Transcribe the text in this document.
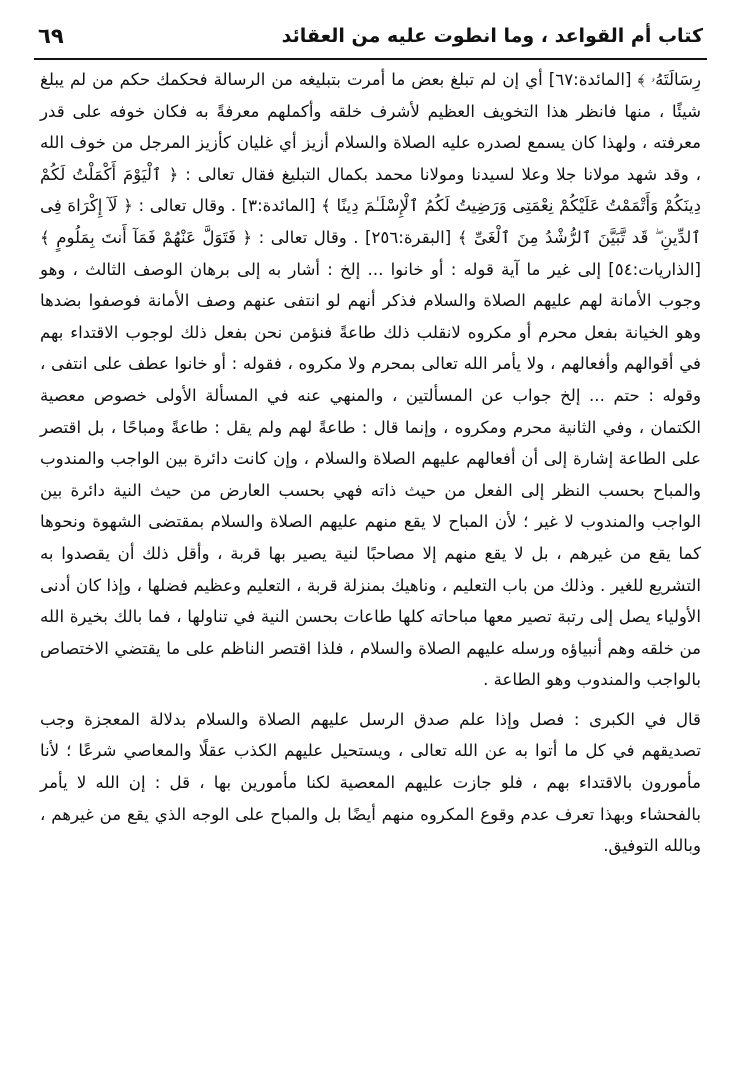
كتاب أم القواعد ، وما انطوت عليه من العقائد
٦٩

رِسَالَتَهُۥ ﴾ [المائدة:٦٧] أي إن لم تبلغ بعض ما أمرت بتبليغه من الرسالة فحكمك حكم من لم يبلغ شيئًا ، منها فانظر هذا التخويف العظيم لأشرف خلقه وأكملهم معرفةً به فكان خوفه على قدر معرفته ، ولهذا كان يسمع لصدره عليه الصلاة والسلام أزيز أي غليان كأزيز المرجل من خوف الله ، وقد شهد مولانا جلا وعلا لسيدنا ومولانا محمد بكمال التبليغ فقال تعالى : ﴿ ٱلْيَوْمَ أَكْمَلْتُ لَكُمْ دِينَكُمْ وَأَتْمَمْتُ عَلَيْكُمْ نِعْمَتِى وَرَضِيتُ لَكُمُ ٱلْإِسْلَـٰمَ دِينًا ﴾ [المائدة:٣] . وقال تعالى : ﴿ لَآ إِكْرَاهَ فِى ٱلدِّينِ ۖ قَد تَّبَيَّنَ ٱلرُّشْدُ مِنَ ٱلْغَىِّ ﴾ [البقرة:٢٥٦] . وقال تعالى : ﴿ فَتَوَلَّ عَنْهُمْ فَمَآ أَنتَ بِمَلُومٍ ﴾ [الذاريات:٥٤] إلى غير ما آية قوله : أو خانوا ... إلخ : أشار به إلى برهان الوصف الثالث ، وهو وجوب الأمانة لهم عليهم الصلاة والسلام فذكر أنهم لو انتفى عنهم وصف الأمانة فوصفوا بضدها وهو الخيانة بفعل محرم أو مكروه لانقلب ذلك طاعةً فنؤمن نحن بفعل ذلك لوجوب الاقتداء بهم في أقوالهم وأفعالهم ، ولا يأمر الله تعالى بمحرم ولا مكروه ، فقوله : أو خانوا عطف على انتفى ، وقوله : حتم ... إلخ جواب عن المسألتين ، والمنهي عنه في المسألة الأولى خصوص معصية الكتمان ، وفي الثانية محرم ومكروه ، وإنما قال : طاعةً لهم ولم يقل : طاعةً ومباحًا ، بل اقتصر على الطاعة إشارة إلى أن أفعالهم عليهم الصلاة والسلام ، وإن كانت دائرة بين الواجب والمندوب والمباح بحسب النظر إلى الفعل من حيث ذاته فهي بحسب العارض من حيث النية دائرة بين الواجب والمندوب لا غير ؛ لأن المباح لا يقع منهم عليهم الصلاة والسلام بمقتضى الشهوة ونحوها كما يقع من غيرهم ، بل لا يقع منهم إلا مصاحبًا لنية يصير بها قربة ، وأقل ذلك أن يقصدوا به التشريع للغير . وذلك من باب التعليم ، وناهيك بمنزلة قربة ، التعليم وعظيم فضلها ، وإذا كان أدنى الأولياء يصل إلى رتبة تصير معها مباحاته كلها طاعات بحسن النية في تناولها ، فما بالك بخيرة الله من خلقه وهم أنبياؤه ورسله عليهم الصلاة والسلام ، فلذا اقتصر الناظم على ما يقتضي الاختصاص بالواجب والمندوب وهو الطاعة .

قال في الكبرى : فصل وإذا علم صدق الرسل عليهم الصلاة والسلام بدلالة المعجزة وجب تصديقهم في كل ما أتوا به عن الله تعالى ، ويستحيل عليهم الكذب عقلًا والمعاصي شرعًا ؛ لأنا مأمورون بالاقتداء بهم ، فلو جازت عليهم المعصية لكنا مأمورين بها ، قل : إن الله لا يأمر بالفحشاء وبهذا تعرف عدم وقوع المكروه منهم أيضًا بل والمباح على الوجه الذي يقع من غيرهم ، وبالله التوفيق.
